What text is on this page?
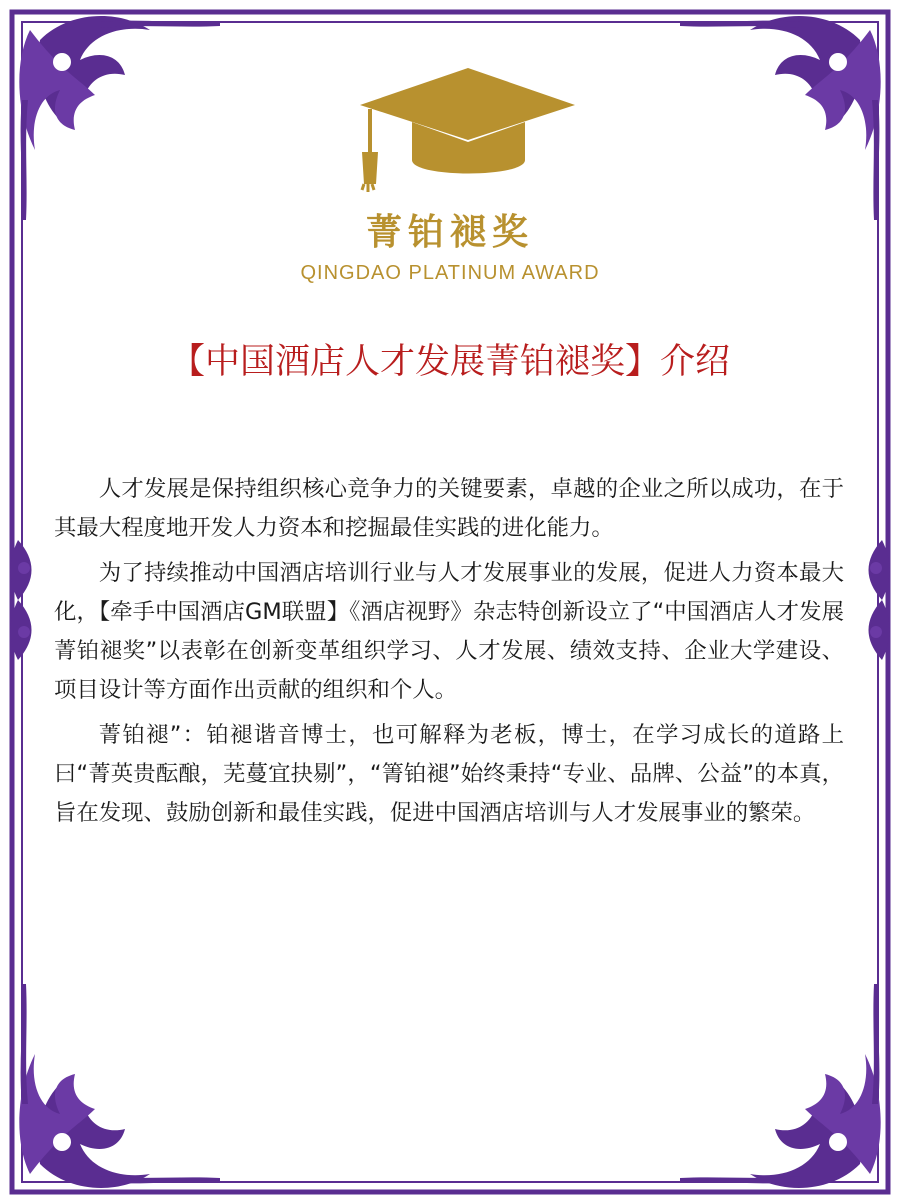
菁铂褪奖
QINGDAO PLATINUM AWARD
【中国酒店人才发展菁铂褪奖】介绍

人才发展是保持组织核心竞争力的关键要素，卓越的企业之所以成功，在于其最大程度地开发人力资本和挖掘最佳实践的进化能力。

为了持续推动中国酒店培训行业与人才发展事业的发展，促进人力资本最大化，【牵手中国酒店GM联盟】《酒店视野》杂志特创新设立了“中国酒店人才发展菁铂褪奖”以表彰在创新变革组织学习、人才发展、绩效支持、企业大学建设、项目设计等方面作出贡献的组织和个人。

菁铂褪”：铂褪谐音博士，也可解释为老板，博士，在学习成长的道路上曰“菁英贵酝酿，芜蔓宜抉剔”，“箐铂褪”始终秉持“专业、品牌、公益”的本真，旨在发现、鼓励创新和最佳实践，促进中国酒店培训与人才发展事业的繁荣。
